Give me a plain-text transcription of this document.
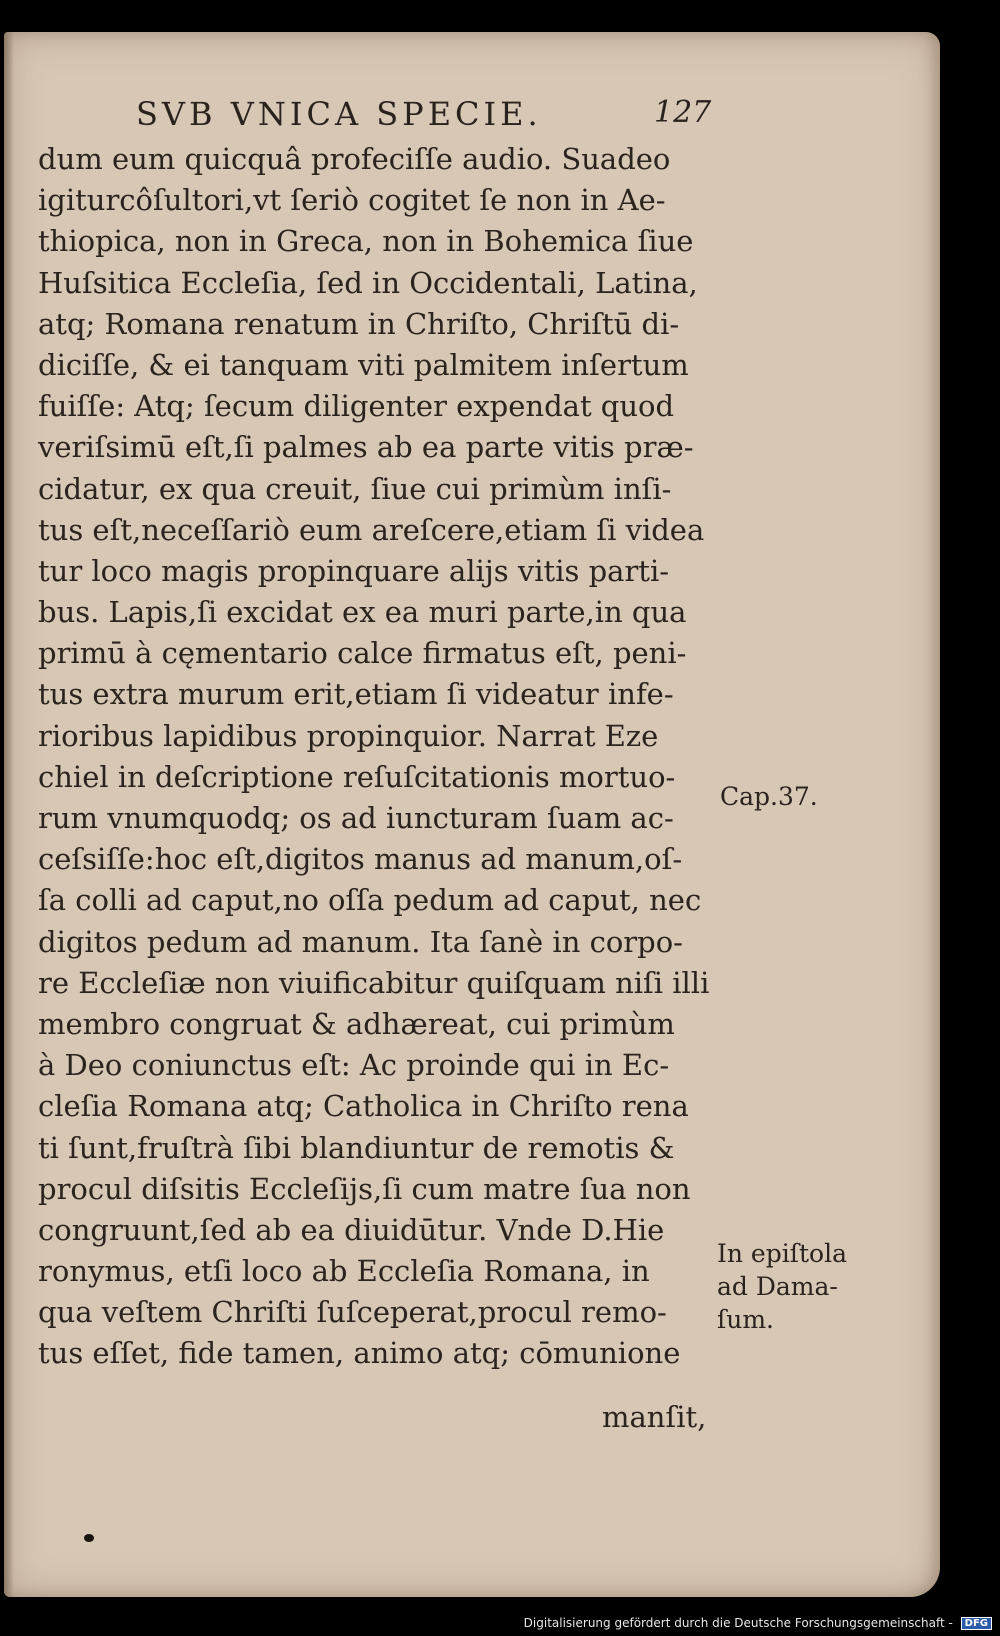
SVB VNICA SPECIE.	127
dum eum quicquâ profeciſſe audio. Suadeo
igiturcôſultori,vt ſeriò cogitet ſe non in Ae-
thiopica, non in Greca, non in Bohemica ſiue
Huſsitica Eccleſia, ſed in Occidentali, Latina,
atq; Romana renatum in Chriſto, Chriſtū di-
diciſſe, & ei tanquam viti palmitem inſertum
fuiſſe: Atq; ſecum diligenter expendat quod
veriſsimū eſt,ſi palmes ab ea parte vitis præ-
cidatur, ex qua creuit, ſiue cui primùm inſi-
tus eſt,neceſſariò eum areſcere,etiam ſi videa
tur loco magis propinquare alijs vitis parti-
bus. Lapis,ſi excidat ex ea muri parte,in qua
primū à cęmentario calce firmatus eſt, peni-
tus extra murum erit,etiam ſi videatur infe-
rioribus lapidibus propinquior. Narrat Eze
chiel in deſcriptione reſuſcitationis mortuo-
rum vnumquodq; os ad iuncturam ſuam ac-
ceſsiſſe:hoc eſt,digitos manus ad manum,oſ-
ſa colli ad caput,no oſſa pedum ad caput, nec
digitos pedum ad manum. Ita ſanè in corpo-
re Eccleſiæ non viuificabitur quiſquam niſi illi
membro congruat & adhæreat, cui primùm
à Deo coniunctus eſt: Ac proinde qui in Ec-
cleſia Romana atq; Catholica in Chriſto rena
ti ſunt,fruſtrà ſibi blandiuntur de remotis &
procul diſsitis Eccleſijs,ſi cum matre ſua non
congruunt,ſed ab ea diuidūtur. Vnde D.Hie
ronymus, etſi loco ab Eccleſia Romana, in
qua veſtem Chriſti ſuſceperat,procul remo-
tus eſſet, fide tamen, animo atq; cōmunione
manſit,
Cap.37.
In epiſtola
ad Dama-
ſum.
Digitalisierung gefördert durch die Deutsche Forschungsgemeinschaft - DFG
